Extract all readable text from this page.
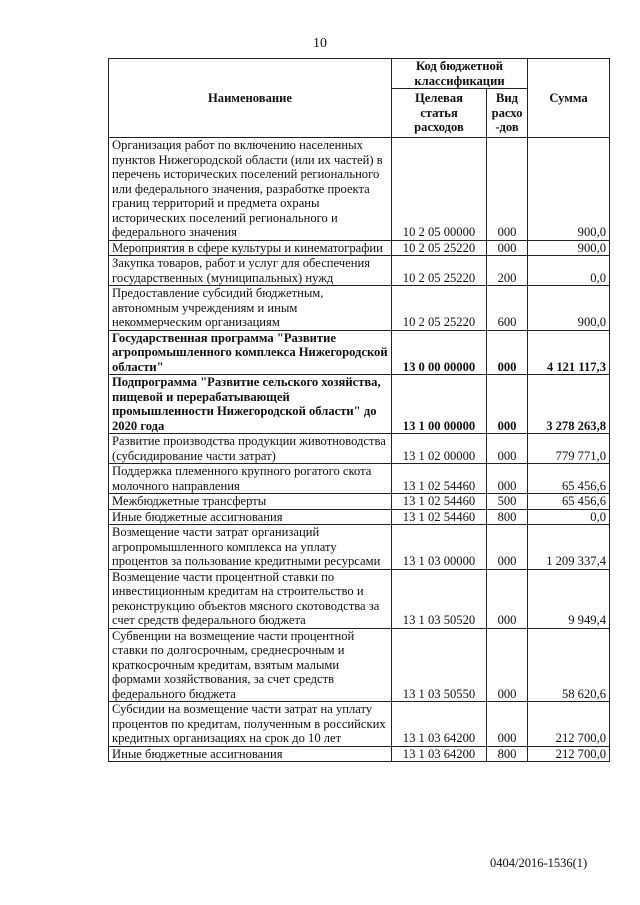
10
Наименование	Код бюджетной классификации		Сумма
	Целевая статья расходов	Вид расхо -дов	
Организация работ по включению населенных пунктов Нижегородской области (или их частей) в перечень исторических поселений регионального или федерального значения, разработке проекта границ территорий и предмета охраны исторических поселений регионального и федерального значения	10 2 05 00000	000	900,0
Мероприятия в сфере культуры и кинематографии	10 2 05 25220	000	900,0
Закупка товаров, работ и услуг для обеспечения государственных (муниципальных) нужд	10 2 05 25220	200	0,0
Предоставление субсидий бюджетным, автономным учреждениям и иным некоммерческим организациям	10 2 05 25220	600	900,0
Государственная программа "Развитие агропромышленного комплекса Нижегородской области"	13 0 00 00000	000	4 121 117,3
Подпрограмма "Развитие сельского хозяйства, пищевой и перерабатывающей промышленности Нижегородской области" до 2020 года	13 1 00 00000	000	3 278 263,8
Развитие производства продукции животноводства (субсидирование части затрат)	13 1 02 00000	000	779 771,0
Поддержка племенного крупного рогатого скота молочного направления	13 1 02 54460	000	65 456,6
Межбюджетные трансферты	13 1 02 54460	500	65 456,6
Иные бюджетные ассигнования	13 1 02 54460	800	0,0
Возмещение части затрат организаций агропромышленного комплекса на уплату процентов за пользование кредитными ресурсами	13 1 03 00000	000	1 209 337,4
Возмещение части процентной ставки по инвестиционным кредитам на строительство и реконструкцию объектов мясного скотоводства за счет средств федерального бюджета	13 1 03 50520	000	9 949,4
Субвенции на возмещение части процентной ставки по долгосрочным, среднесрочным и краткосрочным кредитам, взятым малыми формами хозяйствования, за счет средств федерального бюджета	13 1 03 50550	000	58 620,6
Субсидии на возмещение части затрат на уплату процентов по кредитам, полученным в российских кредитных организациях на срок до 10 лет	13 1 03 64200	000	212 700,0
Иные бюджетные ассигнования	13 1 03 64200	800	212 700,0
0404/2016-1536(1)
